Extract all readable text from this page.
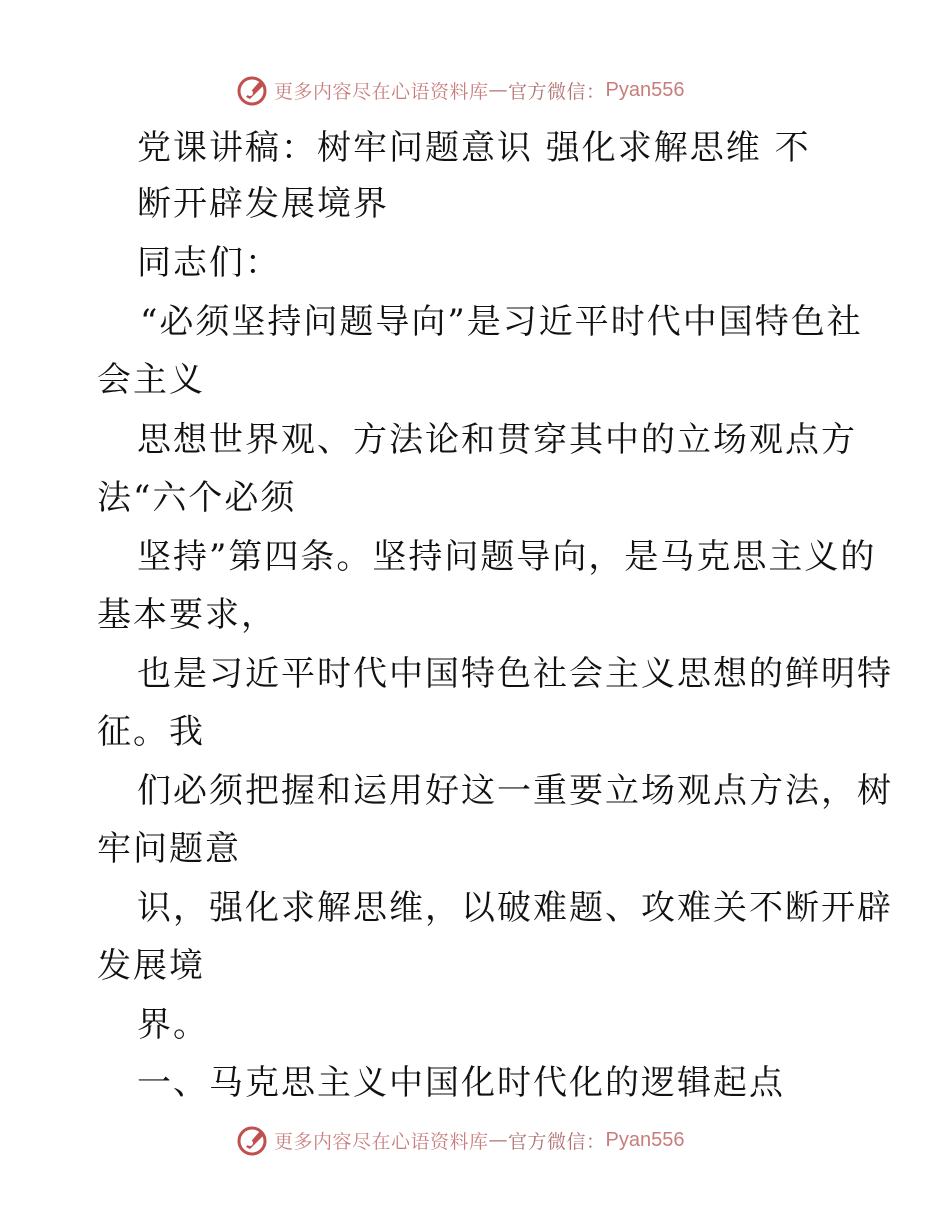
更多内容尽在心语资料库 — 官方微信： Pyan556
党课讲稿：树牢问题意识 强化求解思维 不
断开辟发展境界
同志们：
“必须坚持问题导向”是习近平时代中国特色社
会主义
思想世界观、方法论和贯穿其中的立场观点方
法“六个必须
坚持”第四条。坚持问题导向，是马克思主义的
基本要求，
也是习近平时代中国特色社会主义思想的鲜明特
征。我
们必须把握和运用好这一重要立场观点方法，树
牢问题意
识，强化求解思维，以破难题、攻难关不断开辟
发展境
界。
一、马克思主义中国化时代化的逻辑起点
更多内容尽在心语资料库 — 官方微信： Pyan556
